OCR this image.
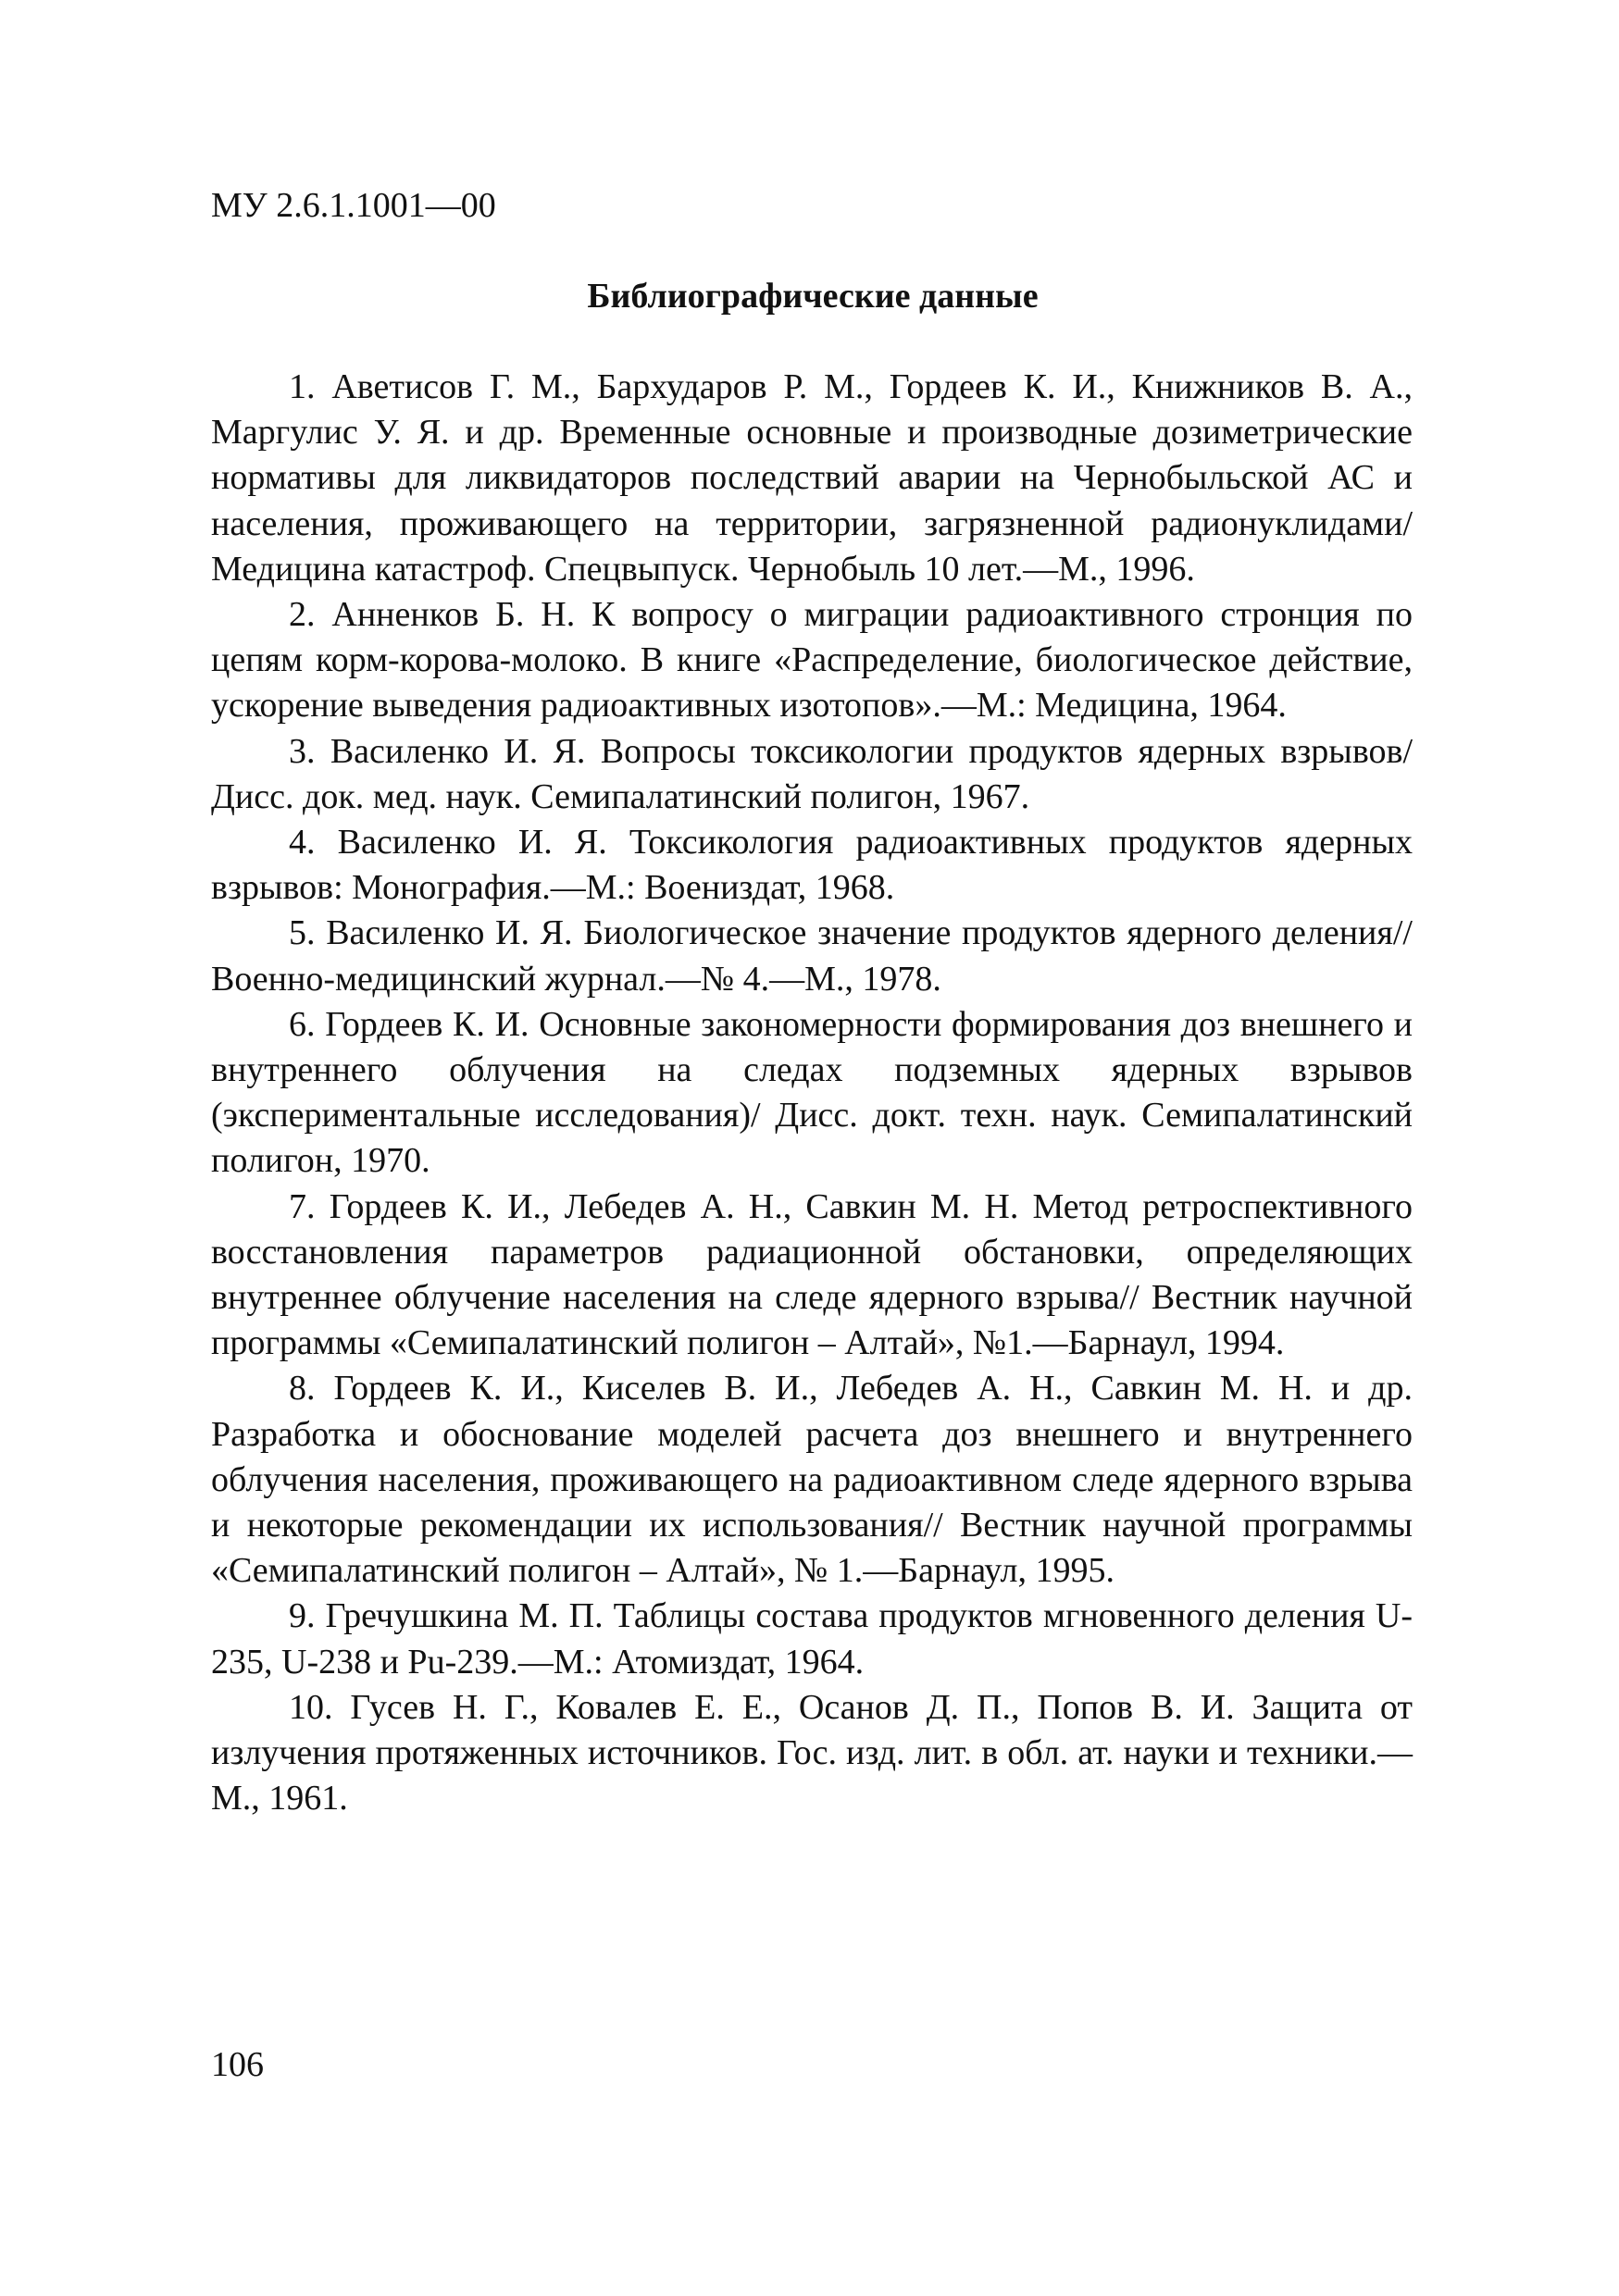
МУ 2.6.1.1001—00

Библиографические данные
1. Аветисов Г. М., Бархударов Р. М., Гордеев К. И., Книжников В. А., Маргулис У. Я. и др. Временные основные и производные дозиметрические нормативы для ликвидаторов последствий аварии на Чернобыльской АС и населения, проживающего на территории, загрязненной радионуклидами/ Медицина катастроф. Спецвыпуск. Чернобыль 10 лет.—М., 1996.
2. Анненков Б. Н. К вопросу о миграции радиоактивного стронция по цепям корм-корова-молоко. В книге «Распределение, биологическое действие, ускорение выведения радиоактивных изотопов».—М.: Медицина, 1964.
3. Василенко И. Я. Вопросы токсикологии продуктов ядерных взрывов/ Дисс. док. мед. наук. Семипалатинский полигон, 1967.
4. Василенко И. Я. Токсикология радиоактивных продуктов ядерных взрывов: Монография.—М.: Воениздат, 1968.
5. Василенко И. Я. Биологическое значение продуктов ядерного деления// Военно-медицинский журнал.—№ 4.—М., 1978.
6. Гордеев К. И. Основные закономерности формирования доз внешнего и внутреннего облучения на следах подземных ядерных взрывов (экспериментальные исследования)/ Дисс. докт. техн. наук. Семипалатинский полигон, 1970.
7. Гордеев К. И., Лебедев А. Н., Савкин М. Н. Метод ретроспективного восстановления параметров радиационной обстановки, определяющих внутреннее облучение населения на следе ядерного взрыва// Вестник научной программы «Семипалатинский полигон – Алтай», №1.—Барнаул, 1994.
8. Гордеев К. И., Киселев В. И., Лебедев А. Н., Савкин М. Н. и др. Разработка и обоснование моделей расчета доз внешнего и внутреннего облучения населения, проживающего на радиоактивном следе ядерного взрыва и некоторые рекомендации их использования// Вестник научной программы «Семипалатинский полигон – Алтай», № 1.—Барнаул, 1995.
9. Гречушкина М. П. Таблицы состава продуктов мгновенного деления U-235, U-238 и Pu-239.—М.: Атомиздат, 1964.
10. Гусев Н. Г., Ковалев Е. Е., Осанов Д. П., Попов В. И. Защита от излучения протяженных источников. Гос. изд. лит. в обл. ат. науки и техники.—М., 1961.

106
